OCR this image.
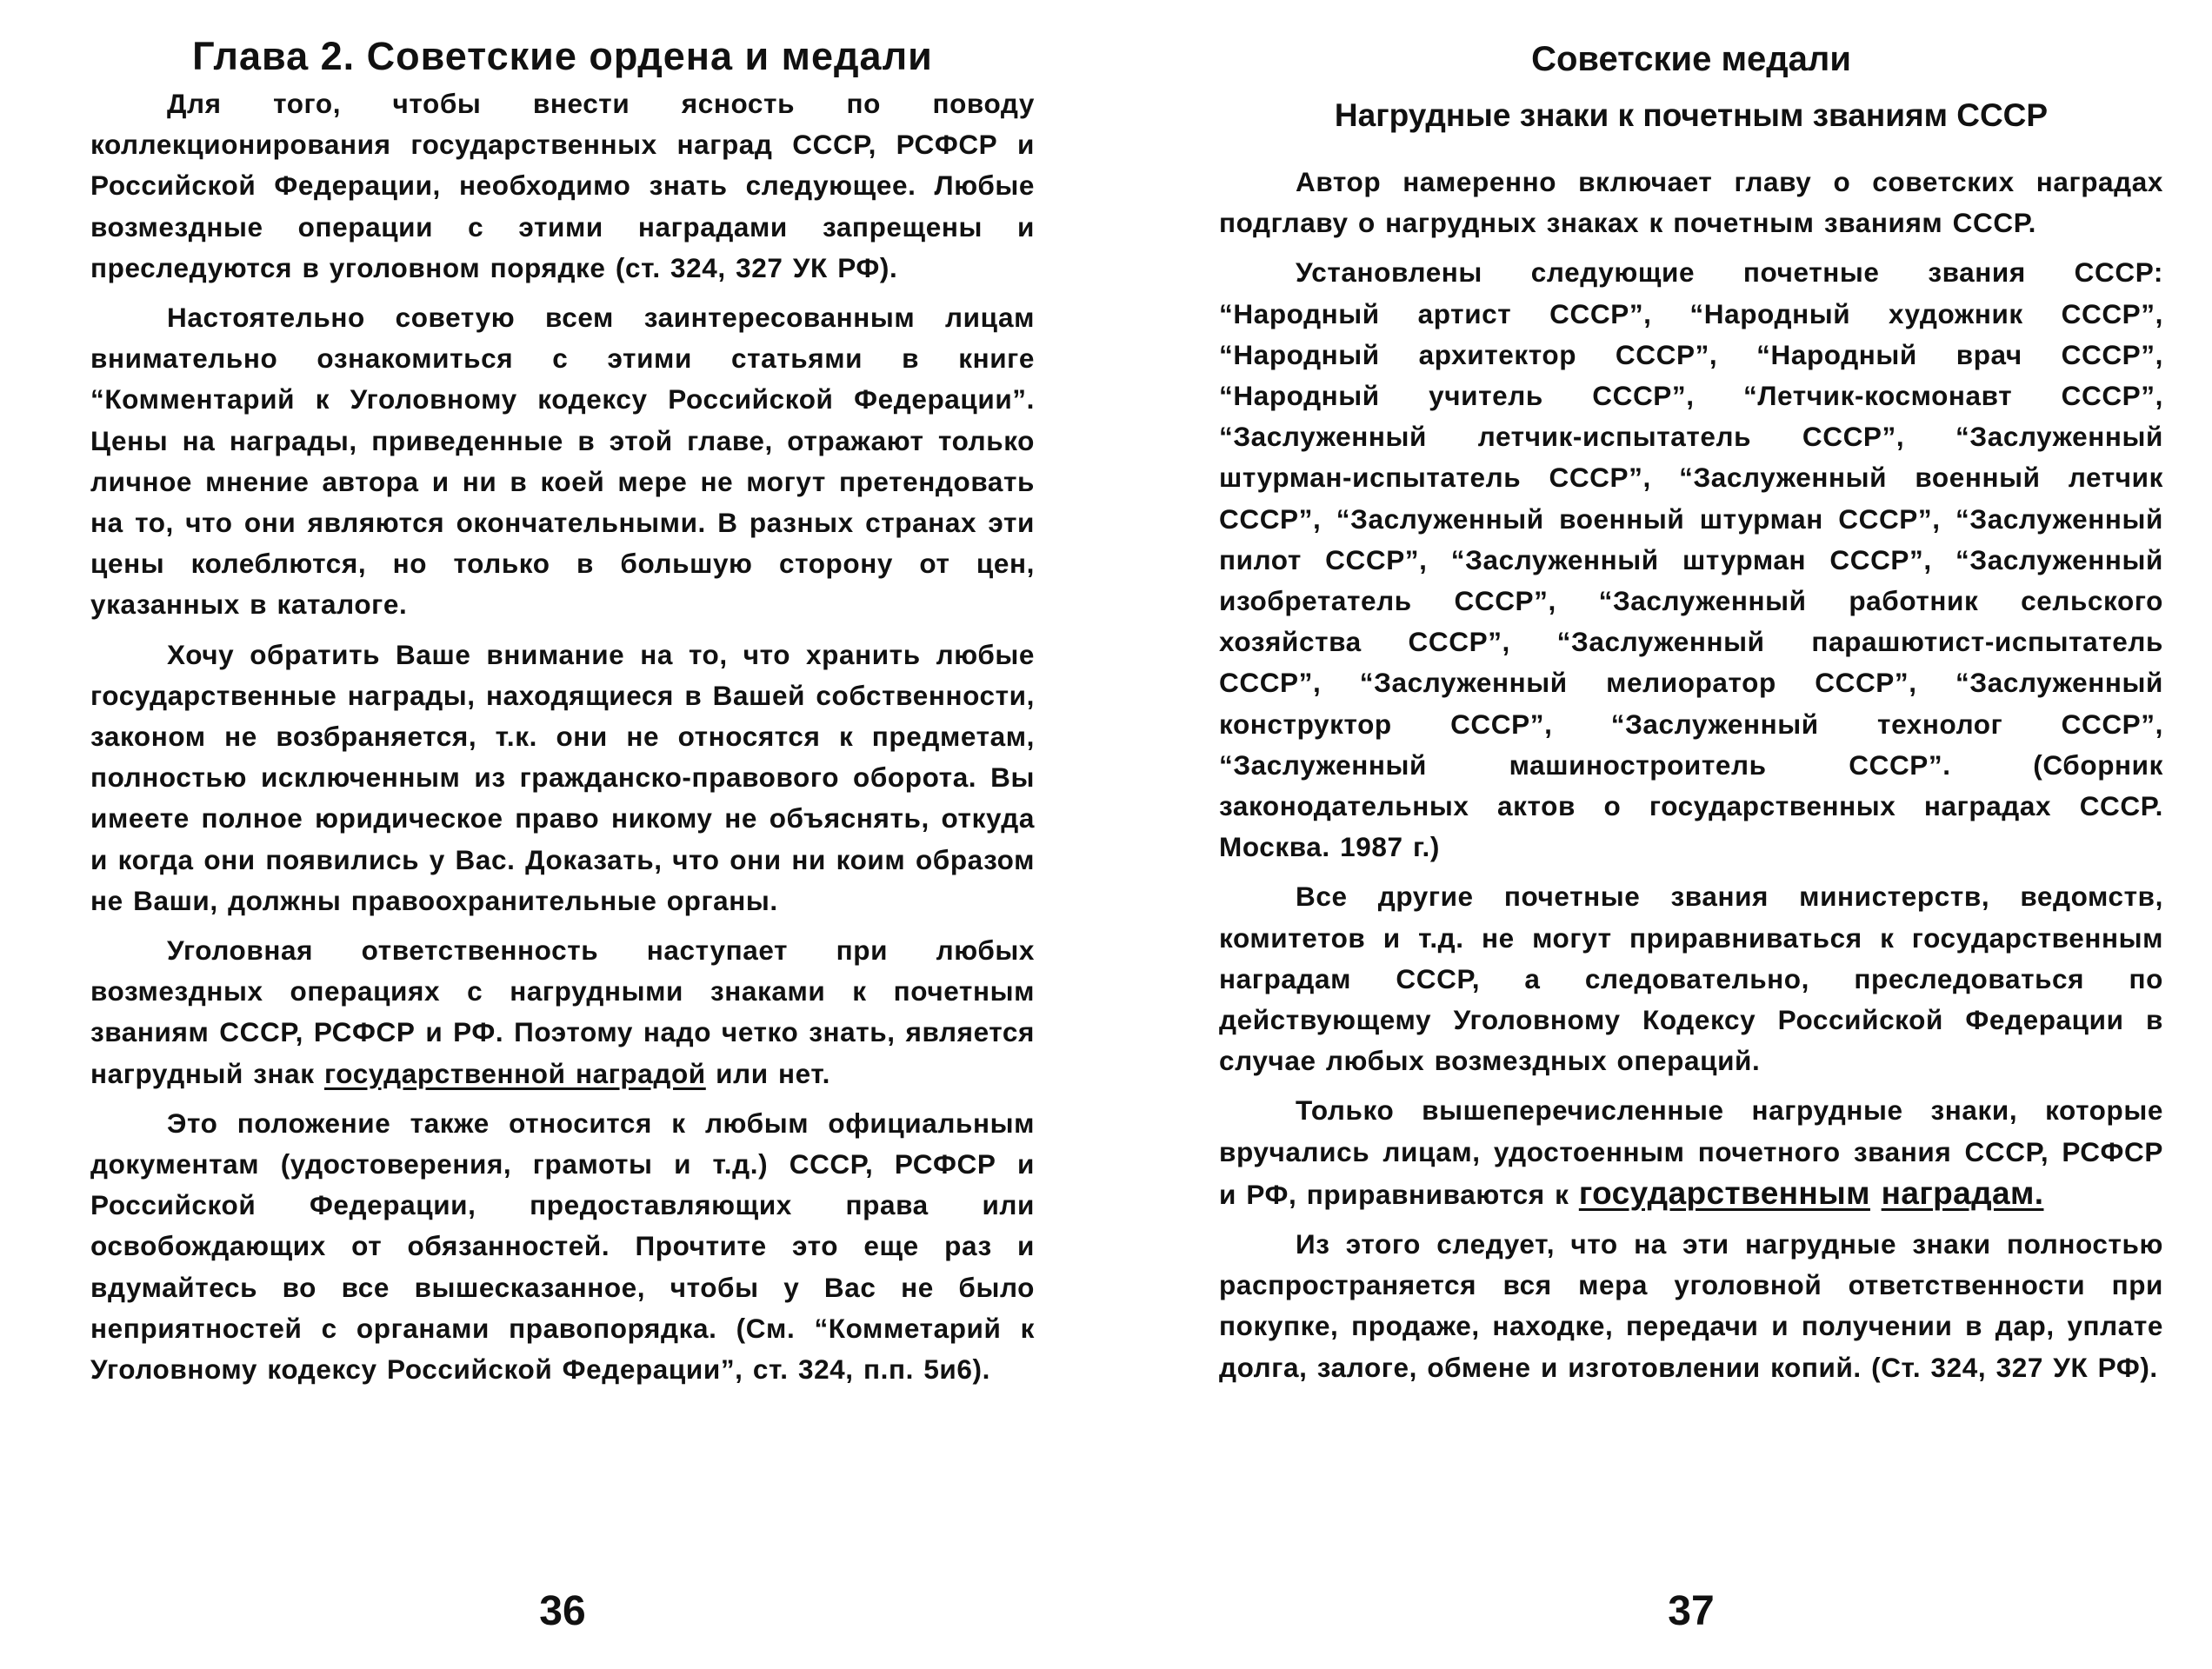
Глава 2. Советские ордена и медали

Для того, чтобы внести ясность по поводу коллекционирования государственных наград СССР, РСФСР и Российской Федерации, необходимо знать следующее. Любые возмездные операции с этими наградами запрещены и преследуются в уголовном порядке (ст. 324, 327 УК РФ).

Настоятельно советую всем заинтересованным лицам внимательно ознакомиться с этими статьями в книге “Комментарий к Уголовному кодексу Российской Федерации”. Цены на награды, приведенные в этой главе, отражают только личное мнение автора и ни в коей мере не могут претендовать на то, что они являются окончательными. В разных странах эти цены колеблются, но только в большую сторону от цен, указанных в каталоге.

Хочу обратить Ваше внимание на то, что хранить любые государственные награды, находящиеся в Вашей собственности, законом не возбраняется, т.к. они не относятся к предметам, полностью исключенным из гражданско-правового оборота. Вы имеете полное юридическое право никому не объяснять, откуда и когда они появились у Вас. Доказать, что они ни коим образом не Ваши, должны правоохранительные органы.

Уголовная ответственность наступает при любых возмездных операциях с нагрудными знаками к почетным званиям СССР, РСФСР и РФ. Поэтому надо четко знать, является нагрудный знак государственной наградой или нет.

Это положение также относится к любым официальным документам (удостоверения, грамоты и т.д.) СССР, РСФСР и Российской Федерации, предоставляющих права или освобождающих от обязанностей. Прочтите это еще раз и вдумайтесь во все вышесказанное, чтобы у Вас не было неприятностей с органами правопорядка. (См. “Комметарий к Уголовному кодексу Российской Федерации”, ст. 324, п.п. 5и6).

36
Советские медали
Нагрудные знаки к почетным званиям СССР

Автор намеренно включает главу о советских наградах подглаву о нагрудных знаках к почетным званиям СССР.

Установлены следующие почетные звания СССР: “Народный артист СССР”, “Народный художник СССР”, “Народный архитектор СССР”, “Народный врач СССР”, “Народный учитель СССР”, “Летчик-космонавт СССР”, “Заслуженный летчик-испытатель СССР”, “Заслуженный штурман-испытатель СССР”, “Заслуженный военный летчик СССР”, “Заслуженный военный штурман СССР”, “Заслуженный пилот СССР”, “Заслуженный штурман СССР”, “Заслуженный изобретатель СССР”, “Заслуженный работник сельского хозяйства СССР”, “Заслуженный парашютист-испытатель СССР”, “Заслуженный мелиоратор СССР”, “Заслуженный конструктор СССР”, “Заслуженный технолог СССР”, “Заслуженный машиностроитель СССР”. (Сборник законодательных актов о государственных наградах СССР. Москва. 1987 г.)

Все другие почетные звания министерств, ведомств, комитетов и т.д. не могут приравниваться к государственным наградам СССР, а следовательно, преследоваться по действующему Уголовному Кодексу Российской Федерации в случае любых возмездных операций.

Только вышеперечисленные нагрудные знаки, которые вручались лицам, удостоенным почетного звания СССР, РСФСР и РФ, приравниваются к государственным наградам.

Из этого следует, что на эти нагрудные знаки полностью распространяется вся мера уголовной ответственности при покупке, продаже, находке, передачи и получении в дар, уплате долга, залоге, обмене и изготовлении копий. (Ст. 324, 327 УК РФ).

37
